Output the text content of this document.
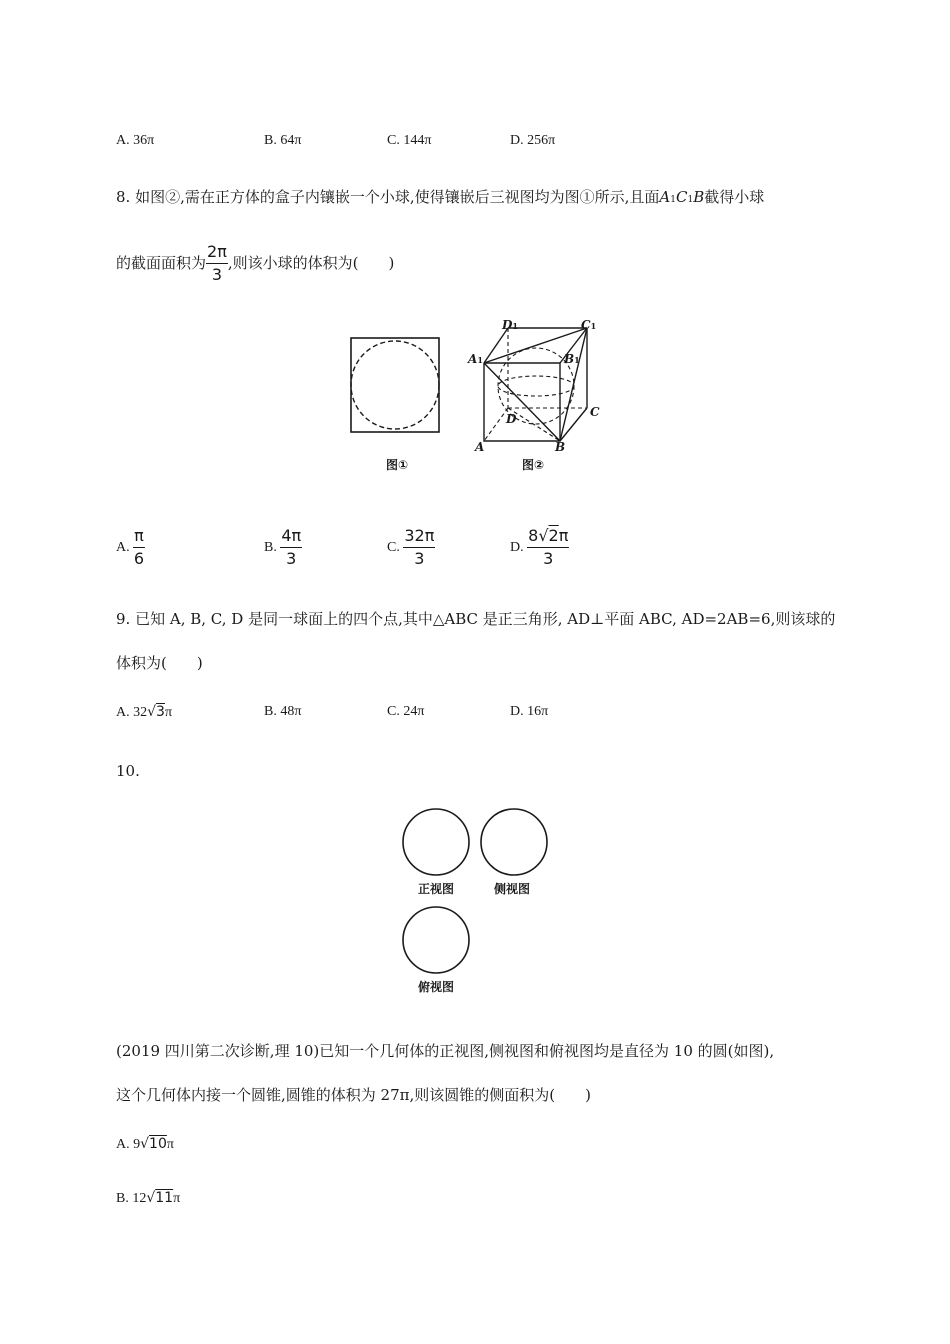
A. 36π	B. 64π	C. 144π	D. 256π
8. 如图②,需在正方体的盒子内镶嵌一个小球,使得镶嵌后三视图均为图①所示,且面A1C1B截得小球
的截面面积为 $\frac{2\pi}{3}$ ,则该小球的体积为(　　)
图①
D1	C1
A1	B1
D	C
A	B
图②
A. $\frac{\pi}{6}$	B. $\frac{4\pi}{3}$	C. $\frac{32\pi}{3}$	D. $\frac{8√2\pi}{3}$
9. 已知 A, B, C, D 是同一球面上的四个点,其中△ABC 是正三角形, AD⊥平面 ABC, AD=2AB=6,则该球的
体积为(　　)
A. 32√3π	B. 48π	C. 24π	D. 16π
10.
正视图	侧视图
俯视图
(2019 四川第二次诊断,理 10)已知一个几何体的正视图,侧视图和俯视图均是直径为 10 的圆(如图),
这个几何体内接一个圆锥,圆锥的体积为 27π,则该圆锥的侧面积为(　　)
A. 9√10π
B. 12√11π
